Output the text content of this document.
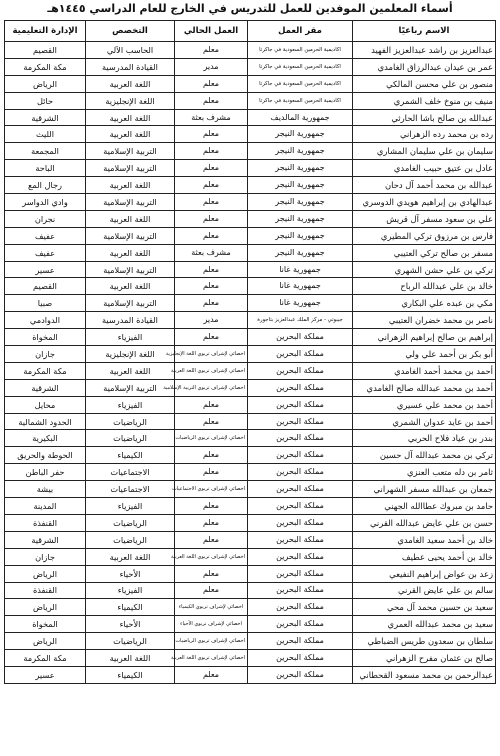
أسماء المعلمين الموفدين للعمل للتدريس في الخارج للعام الدراسي ١٤٤٥هـ
الاسم رباعيًا	مقر العمل	العمل الحالي	التخصص	الإدارة التعليمية
عبدالعزيز بن راشد عبدالعزيز الفهيد	اكاديمية الحرمين السعودية في جاكرتا	معلم	الحاسب الآلي	القصيم
عمر بن عيدان عبدالرزاق الغامدي	اكاديمية الحرمين السعودية في جاكرتا	مدير	القيادة المدرسية	مكة المكرمة
منصور بن علي محسن المالكي	اكاديمية الحرمين السعودية في جاكرتا	معلم	اللغة العربية	الرياض
منيف بن منوخ خلف الشمري	اكاديمية الحرمين السعودية في جاكرتا	معلم	اللغة الإنجليزية	حائل
عبدالله بن صالح باشا الحارثي	جمهورية المالديف	مشرف بعثة	اللغة العربية	الشرقية
رده بن محمد رده الزهراني	جمهورية النيجر	معلم	اللغة العربية	الليث
سليمان بن علي سليمان المشاري	جمهورية النيجر	معلم	التربية الإسلامية	المجمعة
عادل بن عتيق حبيب الغامدي	جمهورية النيجر	معلم	التربية الإسلامية	الباحة
عبدالله بن محمد أحمد آل دحان	جمهورية النيجر	معلم	اللغة العربية	رجال المع
عبدالهادي بن إبراهيم هويدي الدوسري	جمهورية النيجر	معلم	التربية الإسلامية	وادي الدواسر
علي بن سعود مسفر آل قريش	جمهورية النيجر	معلم	اللغة العربية	نجران
فارس بن مرزوق تركي المطيري	جمهورية النيجر	معلم	التربية الإسلامية	عفيف
مسفر بن صالح تركي العتيبي	جمهورية النيجر	مشرف بعثة	اللغة العربية	عفيف
تركي بن علي حشن الشهري	جمهورية غانا	معلم	التربية الإسلامية	عسير
خالد بن علي عبدالله الرباح	جمهورية غانا	معلم	اللغة العربية	القصيم
مكي بن عبده علي البكاري	جمهورية غانا	معلم	التربية الإسلامية	صبيا
ناصر بن محمد خضران العتيبي	جيبوتي - مركز الملك عبدالعزيز بتاجورة	مدير	القيادة المدرسية	الدوادمي
إبراهيم بن صالح إبراهيم الزهراني	مملكة البحرين	معلم	الفيزياء	المخواة
أبو بكر بن أحمد علي ولي	مملكة البحرين	اخصائي لإشراف تربوي اللغة الإنجليزية	اللغة الإنجليزية	جازان
أحمد بن محمد أحمد الغامدي	مملكة البحرين	اخصائي لإشراف تربوي اللغة العربية	اللغة العربية	مكة المكرمة
أحمد بن محمد عبدالله صالح الغامدي	مملكة البحرين	اخصائي لإشراف تربوي التربية الإسلامية	التربية الإسلامية	الشرقية
أحمد بن محمد علي عسيري	مملكة البحرين	معلم	الفيزياء	محايل
أحمد بن عايد عدوان الشمري	مملكة البحرين	معلم	الرياضيات	الحدود الشمالية
بندر بن عياد فلاح الحربي	مملكة البحرين	اخصائي لإشراف تربوي الرياضيات	الرياضيات	البكيرية
تركي بن محمد عبدالله آل حسين	مملكة البحرين	معلم	الكيمياء	الحوطة والحريق
ثامر بن دله متعب العنزي	مملكة البحرين	معلم	الاجتماعيات	حفر الباطن
جمعان بن عبدالله مسفر الشهراني	مملكة البحرين	اخصائي لإشراف تربوي الاجتماعيات	الاجتماعيات	بيشة
حامد بن مبروك عطاالله الجهني	مملكة البحرين	معلم	الفيزياء	المدينة
حسن بن علي عايض عبدالله القرني	مملكة البحرين	معلم	الرياضيات	القنفذة
خالد بن أحمد سعيد الغامدي	مملكة البحرين	معلم	الرياضيات	الشرقية
خالد بن أحمد يحيى عطيف	مملكة البحرين	اخصائي لإشراف تربوي اللغة العربية	اللغة العربية	جازان
زعد بن عواض إبراهيم النفيعي	مملكة البحرين	معلم	الأحياء	الرياض
سالم بن علي عايض القرني	مملكة البحرين	معلم	الفيزياء	القنفذة
سعيد بن حسين محمد آل محي	مملكة البحرين	اخصائي لإشراف تربوي الكيمياء	الكيمياء	الرياض
سعيد بن محمد عبدالله العمري	مملكة البحرين	اخصائي لإشراف تربوي الأحياء	الأحياء	المخواة
سلطان بن سعدون طريس الضباطي	مملكة البحرين	اخصائي لإشراف تربوي الرياضيات	الرياضيات	الرياض
صالح بن عثمان مفرح الزهراني	مملكة البحرين	اخصائي لإشراف تربوي اللغة العربية	اللغة العربية	مكة المكرمة
عبدالرحمن بن محمد مسعود القحطاني	مملكة البحرين	معلم	الكيمياء	عسير
